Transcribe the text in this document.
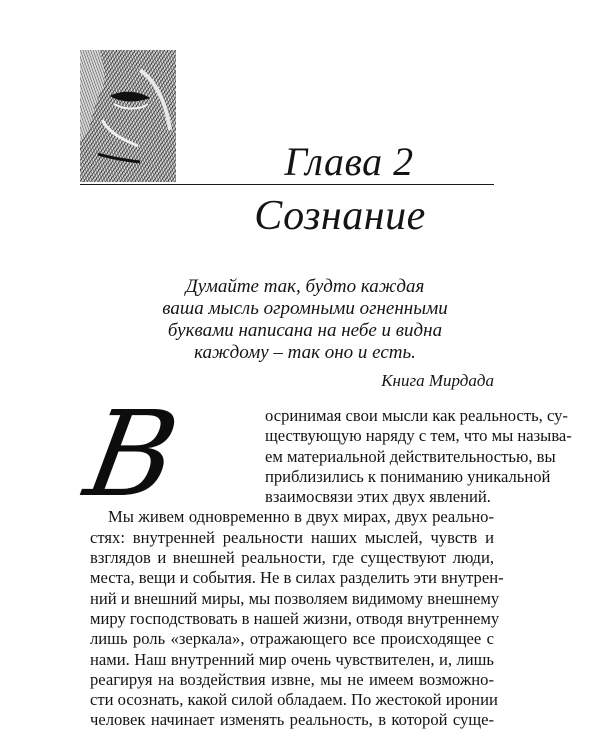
Глава 2
Сознание
Думайте так, будто каждая
ваша мысль огромными огненными
буквами написана на небе и видна
каждому – так оно и есть.
Книга Мирдада
В	осринимая свои мысли как реальность, су-
ществующую наряду с тем, что мы называ-
ем материальной действительностью, вы
приблизились к пониманию уникальной
взаимосвязи этих двух явлений.
Мы живем одновременно в двух мирах, двух реально-
стях: внутренней реальности наших мыслей, чувств и
взглядов и внешней реальности, где существуют люди,
места, вещи и события. Не в силах разделить эти внутрен-
ний и внешний миры, мы позволяем видимому внешнему
миру господствовать в нашей жизни, отводя внутреннему
лишь роль «зеркала», отражающего все происходящее с
нами. Наш внутренний мир очень чувствителен, и, лишь
реагируя на воздействия извне, мы не имеем возможно-
сти осознать, какой силой обладаем. По жестокой иронии
человек начинает изменять реальность, в которой суще-
